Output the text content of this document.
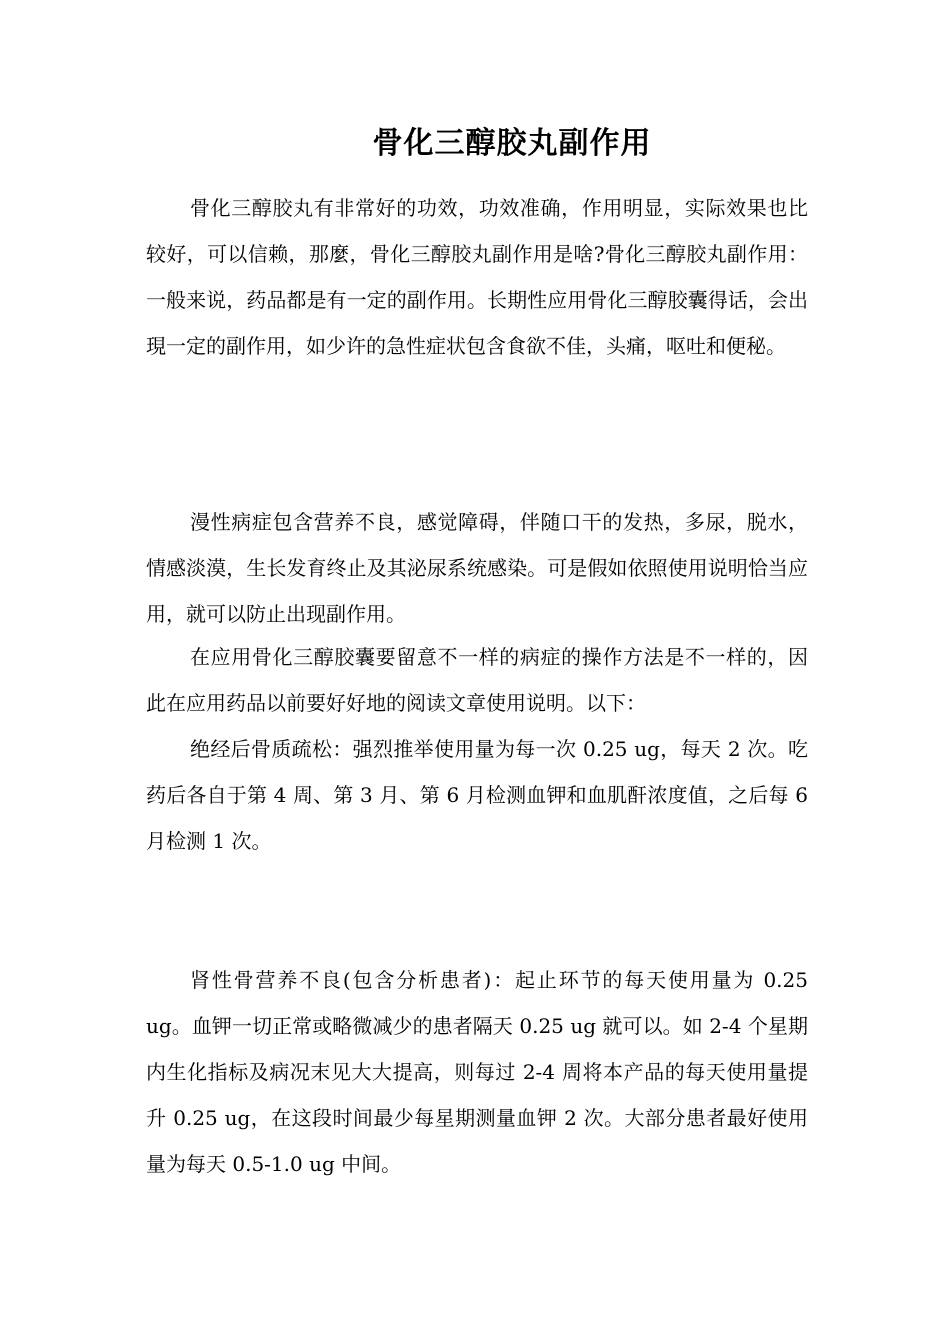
骨化三醇胶丸副作用

骨化三醇胶丸有非常好的功效，功效准确，作用明显，实际效果也比较好，可以信赖，那麼，骨化三醇胶丸副作用是啥?骨化三醇胶丸副作用：一般来说，药品都是有一定的副作用。长期性应用骨化三醇胶囊得话，会出現一定的副作用，如少许的急性症状包含食欲不佳，头痛，呕吐和便秘。

漫性病症包含营养不良，感觉障碍，伴随口干的发热，多尿，脱水，情感淡漠，生长发育终止及其泌尿系统感染。可是假如依照使用说明恰当应用，就可以防止出现副作用。

在应用骨化三醇胶囊要留意不一样的病症的操作方法是不一样的，因此在应用药品以前要好好地的阅读文章使用说明。以下：

绝经后骨质疏松：强烈推举使用量为每一次 0.25 ug，每天 2 次。吃药后各自于第 4 周、第 3 月、第 6 月检测血钾和血肌酐浓度值，之后每 6 月检测 1 次。

肾性骨营养不良(包含分析患者)：起止环节的每天使用量为 0.25 ug。血钾一切正常或略微减少的患者隔天 0.25 ug 就可以。如 2-4 个星期内生化指标及病况末见大大提高，则每过 2-4 周将本产品的每天使用量提升 0.25 ug，在这段时间最少每星期测量血钾 2 次。大部分患者最好使用量为每天 0.5-1.0 ug 中间。
